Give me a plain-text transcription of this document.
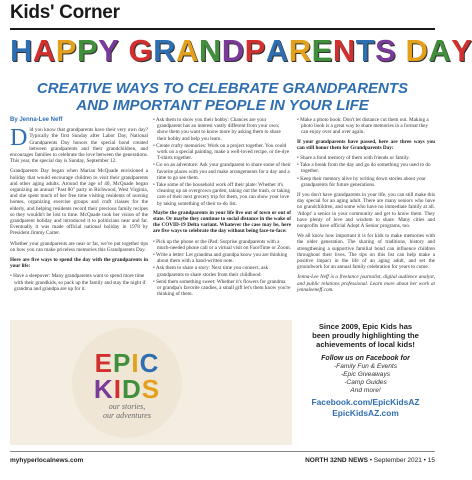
Kids' Corner
HAPPY GRANDPARENTS DAY
CREATIVE WAYS TO CELEBRATE GRANDPARENTS
AND IMPORTANT PEOPLE IN YOUR LIFE
By Jenna-Lee Neff
Did you know that grandparents have their very own day? Typically the first Sunday after Labor Day, National Grandparents Day honors the special bond created between grandparents and their grandchildren, and encourages families to celebrate the love between the generations. This year, the special day is Sunday, September 12.
Grandparents Day began when Marian McQuade envisioned a holiday that would encourage children to visit their grandparents and other aging adults. Around the age of 40, McQuade began organizing an annual "Past 80" party in Richwood, West Virginia, and she spent much of her free time visiting residents of nursing homes, organizing exercise groups and craft classes for the elderly, and helping residents record their precious family recipes so they wouldn't be lost to time. McQuade took her vision of the grandparent holiday and introduced it to politicians near and far. Eventually it was made official national holiday in 1978 by President Jimmy Carter.
Whether your grandparents are near or far, we've put together tips on how you can make priceless memories this Grandparents Day.
Here are five ways to spend the day with the grandparents in your life:
• Have a sleepover: Many grandparents want to spend more time with their grandkids, so pack up the family and stay the night if grandma and grandpa are up for it.
• Ask them to show you their hobby: Chances are your grandparent has an interest vastly different from your own; show them you want to know more by asking them to share their hobby and help you learn.
• Create crafty memories: Work on a project together. You could work on a special painting, make a well-loved recipe, or tie-dye T-shirts together.
• Go on an adventure: Ask your grandparent to share some of their favorite places with you and make arrangements for a day and a time to go see them.
• Take some of the household work off their plate: Whether it's cleaning up an overgrown garden, taking out the trash, or taking care of their next grocery trip for them, you can show your love by taking something of their to-do list.
Maybe the grandparents in your life live out of town or out of state. Or maybe they continue to social distance in the wake of the COVID-19 Delta variant. Whatever the case may be, here are five ways to celebrate the day without being face-to-face:
• Pick up the phone or the iPad: Surprise grandparents with a much-needed phone call or a virtual visit on FaceTime or Zoom.
• Write a letter: Let grandma and grandpa know you are thinking about them with a hand-written note.
• Ask them to share a story: Next time you connect, ask grandparents to share stories from their childhood.
• Send them something sweet: Whether it's flowers for grandma or grandpa's favorite candies, a small gift let's them know you're thinking of them.
• Make a photo book: Don't let distance cut them out. Making a photo book is a great way to share memories in a format they can enjoy over and over again.
If your grandparents have passed, here are three ways you can still honor them for Grandparents Day:
• Share a fond memory of them with friends or family.
• Take a break from the day and go do something you used to do together.
• Keep their memory alive by writing down stories about your grandparents for future generations.
If you don't have grandparents in your life, you can still make this day special for an aging adult. There are many seniors who have no grandchildren, and some who have no immediate family at all. 'Adopt' a senior in your community and get to know them. They have plenty of love and wisdom to share. Many cities and nonprofits have official Adopt A Senior programs, too.
We all know how important it is for kids to make memories with the older generation. The sharing of traditions, history and strengthening a supportive familial bond can influence children throughout their lives. The tips on this list can help make a positive impact in the life of an aging adult, and set the groundwork for an annual family celebration for years to come.
Jenna-Lee Neff is a freelance journalist, digital audience analyst, and public relations professional. Learn more about her work at jennaleeneff.com.
EPIC
KIDS
our stories,
our adventures
Since 2009, Epic Kids has
been proudly highlighting the
achievements of local kids!
Follow us on Facebook for
-Family Fun & Events
-Epic Giveaways
-Camp Guides
And more!
Facebook.com/EpicKidsAZ
EpicKidsAZ.com
myhyperlocalnews.com	NORTH 32ND NEWS • September 2021 • 15
